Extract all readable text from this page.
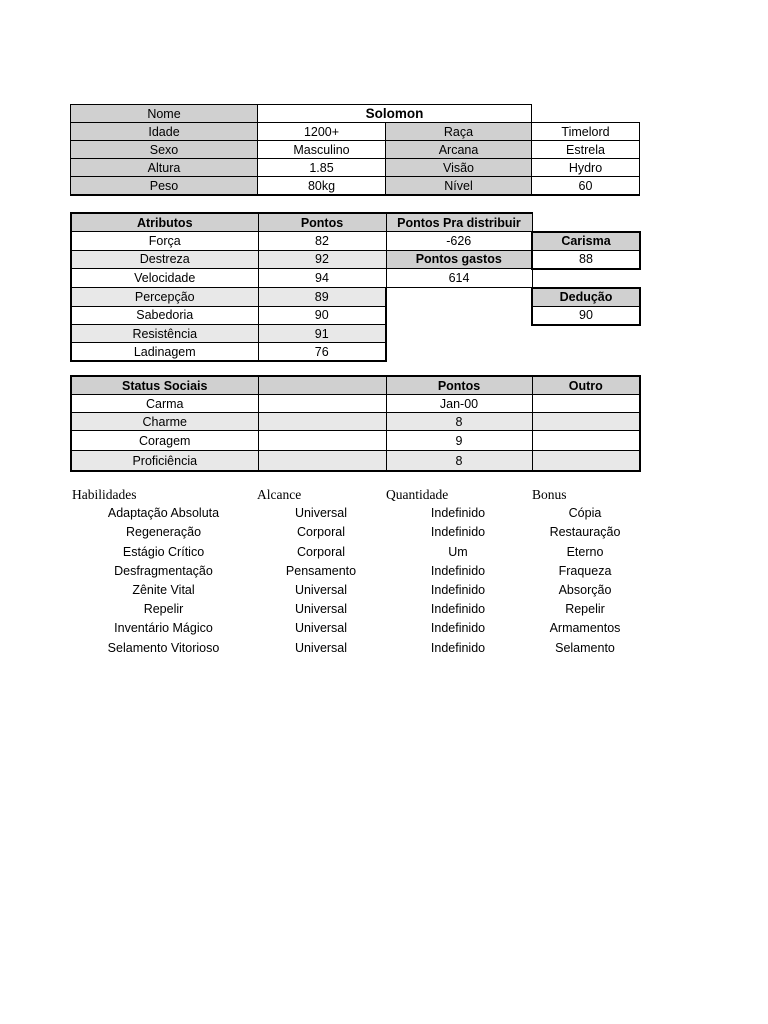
Nome	Solomon		
Idade	1200+	Raça	Timelord
Sexo	Masculino	Arcana	Estrela
Altura	1.85	Visão	Hydro
Peso	80kg	Nível	60
Atributos	Pontos	Pontos Pra distribuir	
Força	82	-626	Carisma
Destreza	92	Pontos gastos	88
Velocidade	94	614	
Percepção	89		Dedução
Sabedoria	90		90
Resistência	91		
Ladinagem	76		
Status Sociais		Pontos	Outro
Carma		Jan-00	
Charme		8	
Coragem		9	
Proficiência		8	
Habilidades	Alcance	Quantidade	Bonus
Adaptação Absoluta	Universal	Indefinido	Cópia
Regeneração	Corporal	Indefinido	Restauração
Estágio Crítico	Corporal	Um	Eterno
Desfragmentação	Pensamento	Indefinido	Fraqueza
Zênite Vital	Universal	Indefinido	Absorção
Repelir	Universal	Indefinido	Repelir
Inventário Mágico	Universal	Indefinido	Armamentos
Selamento Vitorioso	Universal	Indefinido	Selamento
